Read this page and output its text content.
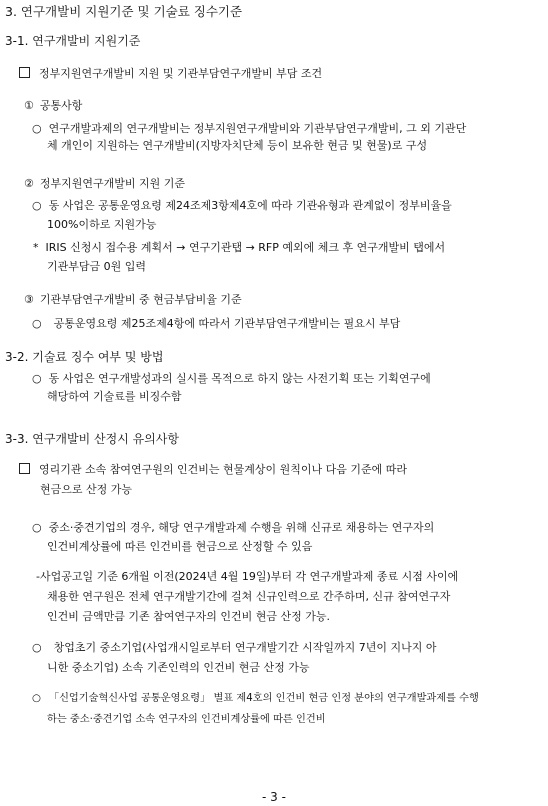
3. 연구개발비 지원기준 및 기술료 징수기준
3-1. 연구개발비 지원기준
정부지원연구개발비 지원 및 기관부담연구개발비 부담 조건
① 공통사항
○ 연구개발과제의 연구개발비는 정부지원연구개발비와 기관부담연구개발비, 그 외 기관단
체 개인이 지원하는 연구개발비(지방자치단체 등이 보유한 현금 및 현물)로 구성
② 정부지원연구개발비 지원 기준
○ 동 사업은 공통운영요령 제24조제3항제4호에 따라 기관유형과 관계없이 정부비율을
100%이하로 지원가능
* IRIS 신청시 접수용 계획서 → 연구기관탭 → RFP 예외에 체크 후 연구개발비 탭에서
기관부담금 0원 입력
③ 기관부담연구개발비 중 현금부담비율 기준
○ 공통운영요령 제25조제4항에 따라서 기관부담연구개발비는 필요시 부담
3-2. 기술료 징수 여부 및 방법
○ 동 사업은 연구개발성과의 실시를 목적으로 하지 않는 사전기획 또는 기획연구에
해당하여 기술료를 비징수함
3-3. 연구개발비 산정시 유의사항
영리기관 소속 참여연구원의 인건비는 현물계상이 원칙이나 다음 기준에 따라
현금으로 산정 가능
○ 중소·중견기업의 경우, 해당 연구개발과제 수행을 위해 신규로 채용하는 연구자의
인건비계상률에 따른 인건비를 현금으로 산정할 수 있음
-사업공고일 기준 6개월 이전(2024년 4월 19일)부터 각 연구개발과제 종료 시점 사이에
채용한 연구원은 전체 연구개발기간에 걸쳐 신규인력으로 간주하며, 신규 참여연구자
인건비 금액만큼 기존 참여연구자의 인건비 현금 산정 가능.
○ 창업초기 중소기업(사업개시일로부터 연구개발기간 시작일까지 7년이 지나지 아
니한 중소기업) 소속 기존인력의 인건비 현금 산정 가능
○ 「신업기술혁신사업 공통운영요령」 별표 제4호의 인건비 현금 인정 분야의 연구개발과제를 수행
하는 중소·중견기업 소속 연구자의 인건비계상률에 따른 인건비
- 3 -
